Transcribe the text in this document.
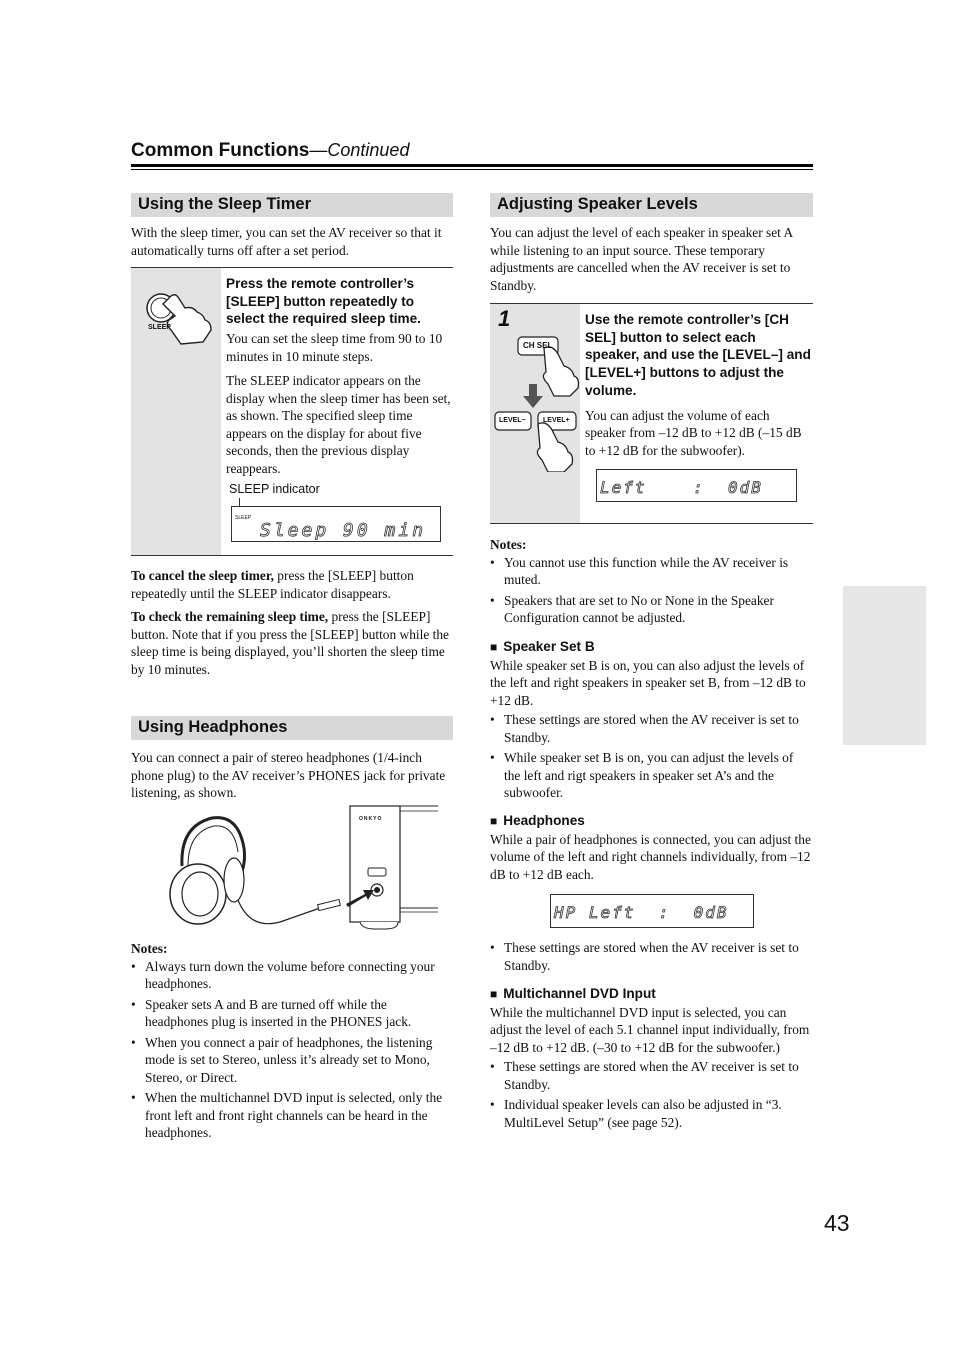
Common Functions—Continued
Using the Sleep Timer

With the sleep timer, you can set the AV receiver so that it automatically turns off after a set period.

SLEEP

Press the remote controller’s [SLEEP] button repeatedly to select the required sleep time.

You can set the sleep time from 90 to 10 minutes in 10 minute steps.

The SLEEP indicator appears on the display when the sleep timer has been set, as shown. The specified sleep time appears on the display for about five seconds, then the previous display reappears.

SLEEP indicator
SLEEP
Sleep 90 min

To cancel the sleep timer, press the [SLEEP] button repeatedly until the SLEEP indicator disappears.

To check the remaining sleep time, press the [SLEEP] button. Note that if you press the [SLEEP] button while the sleep time is being displayed, you’ll shorten the sleep time by 10 minutes.

Using Headphones

You can connect a pair of stereo headphones (1/4-inch phone plug) to the AV receiver’s PHONES jack for private listening, as shown.

ONKYO

Notes:

• Always turn down the volume before connecting your headphones.
• Speaker sets A and B are turned off while the headphones plug is inserted in the PHONES jack.
• When you connect a pair of headphones, the listening mode is set to Stereo, unless it’s already set to Mono, Stereo, or Direct.
• When the multichannel DVD input is selected, only the front left and front right channels can be heard in the headphones.
Adjusting Speaker Levels

You can adjust the level of each speaker in speaker set A while listening to an input source. These temporary adjustments are cancelled when the AV receiver is set to Standby.

1
CH SEL
LEVEL− LEVEL+

Use the remote controller’s [CH SEL] button to select each speaker, and use the [LEVEL–] and [LEVEL+] buttons to adjust the volume.

You can adjust the volume of each speaker from –12 dB to +12 dB (–15 dB to +12 dB for the subwoofer).

Left    :  0dB

Notes:

• You cannot use this function while the AV receiver is muted.
• Speakers that are set to No or None in the Speaker Configuration cannot be adjusted.

■ Speaker Set B

While speaker set B is on, you can also adjust the levels of the left and right speakers in speaker set B, from –12 dB to +12 dB.

• These settings are stored when the AV receiver is set to Standby.
• While speaker set B is on, you can adjust the levels of the left and rigt speakers in speaker set A’s and the subwoofer.

■ Headphones

While a pair of headphones is connected, you can adjust the volume of the left and right channels individually, from –12 dB to +12 dB each.

HP Left  :  0dB
• These settings are stored when the AV receiver is set to Standby.

■ Multichannel DVD Input

While the multichannel DVD input is selected, you can adjust the level of each 5.1 channel input individually, from –12 dB to +12 dB. (–30 to +12 dB for the subwoofer.)

• These settings are stored when the AV receiver is set to Standby.
• Individual speaker levels can also be adjusted in “3. MultiLevel Setup” (see page 52).
43
